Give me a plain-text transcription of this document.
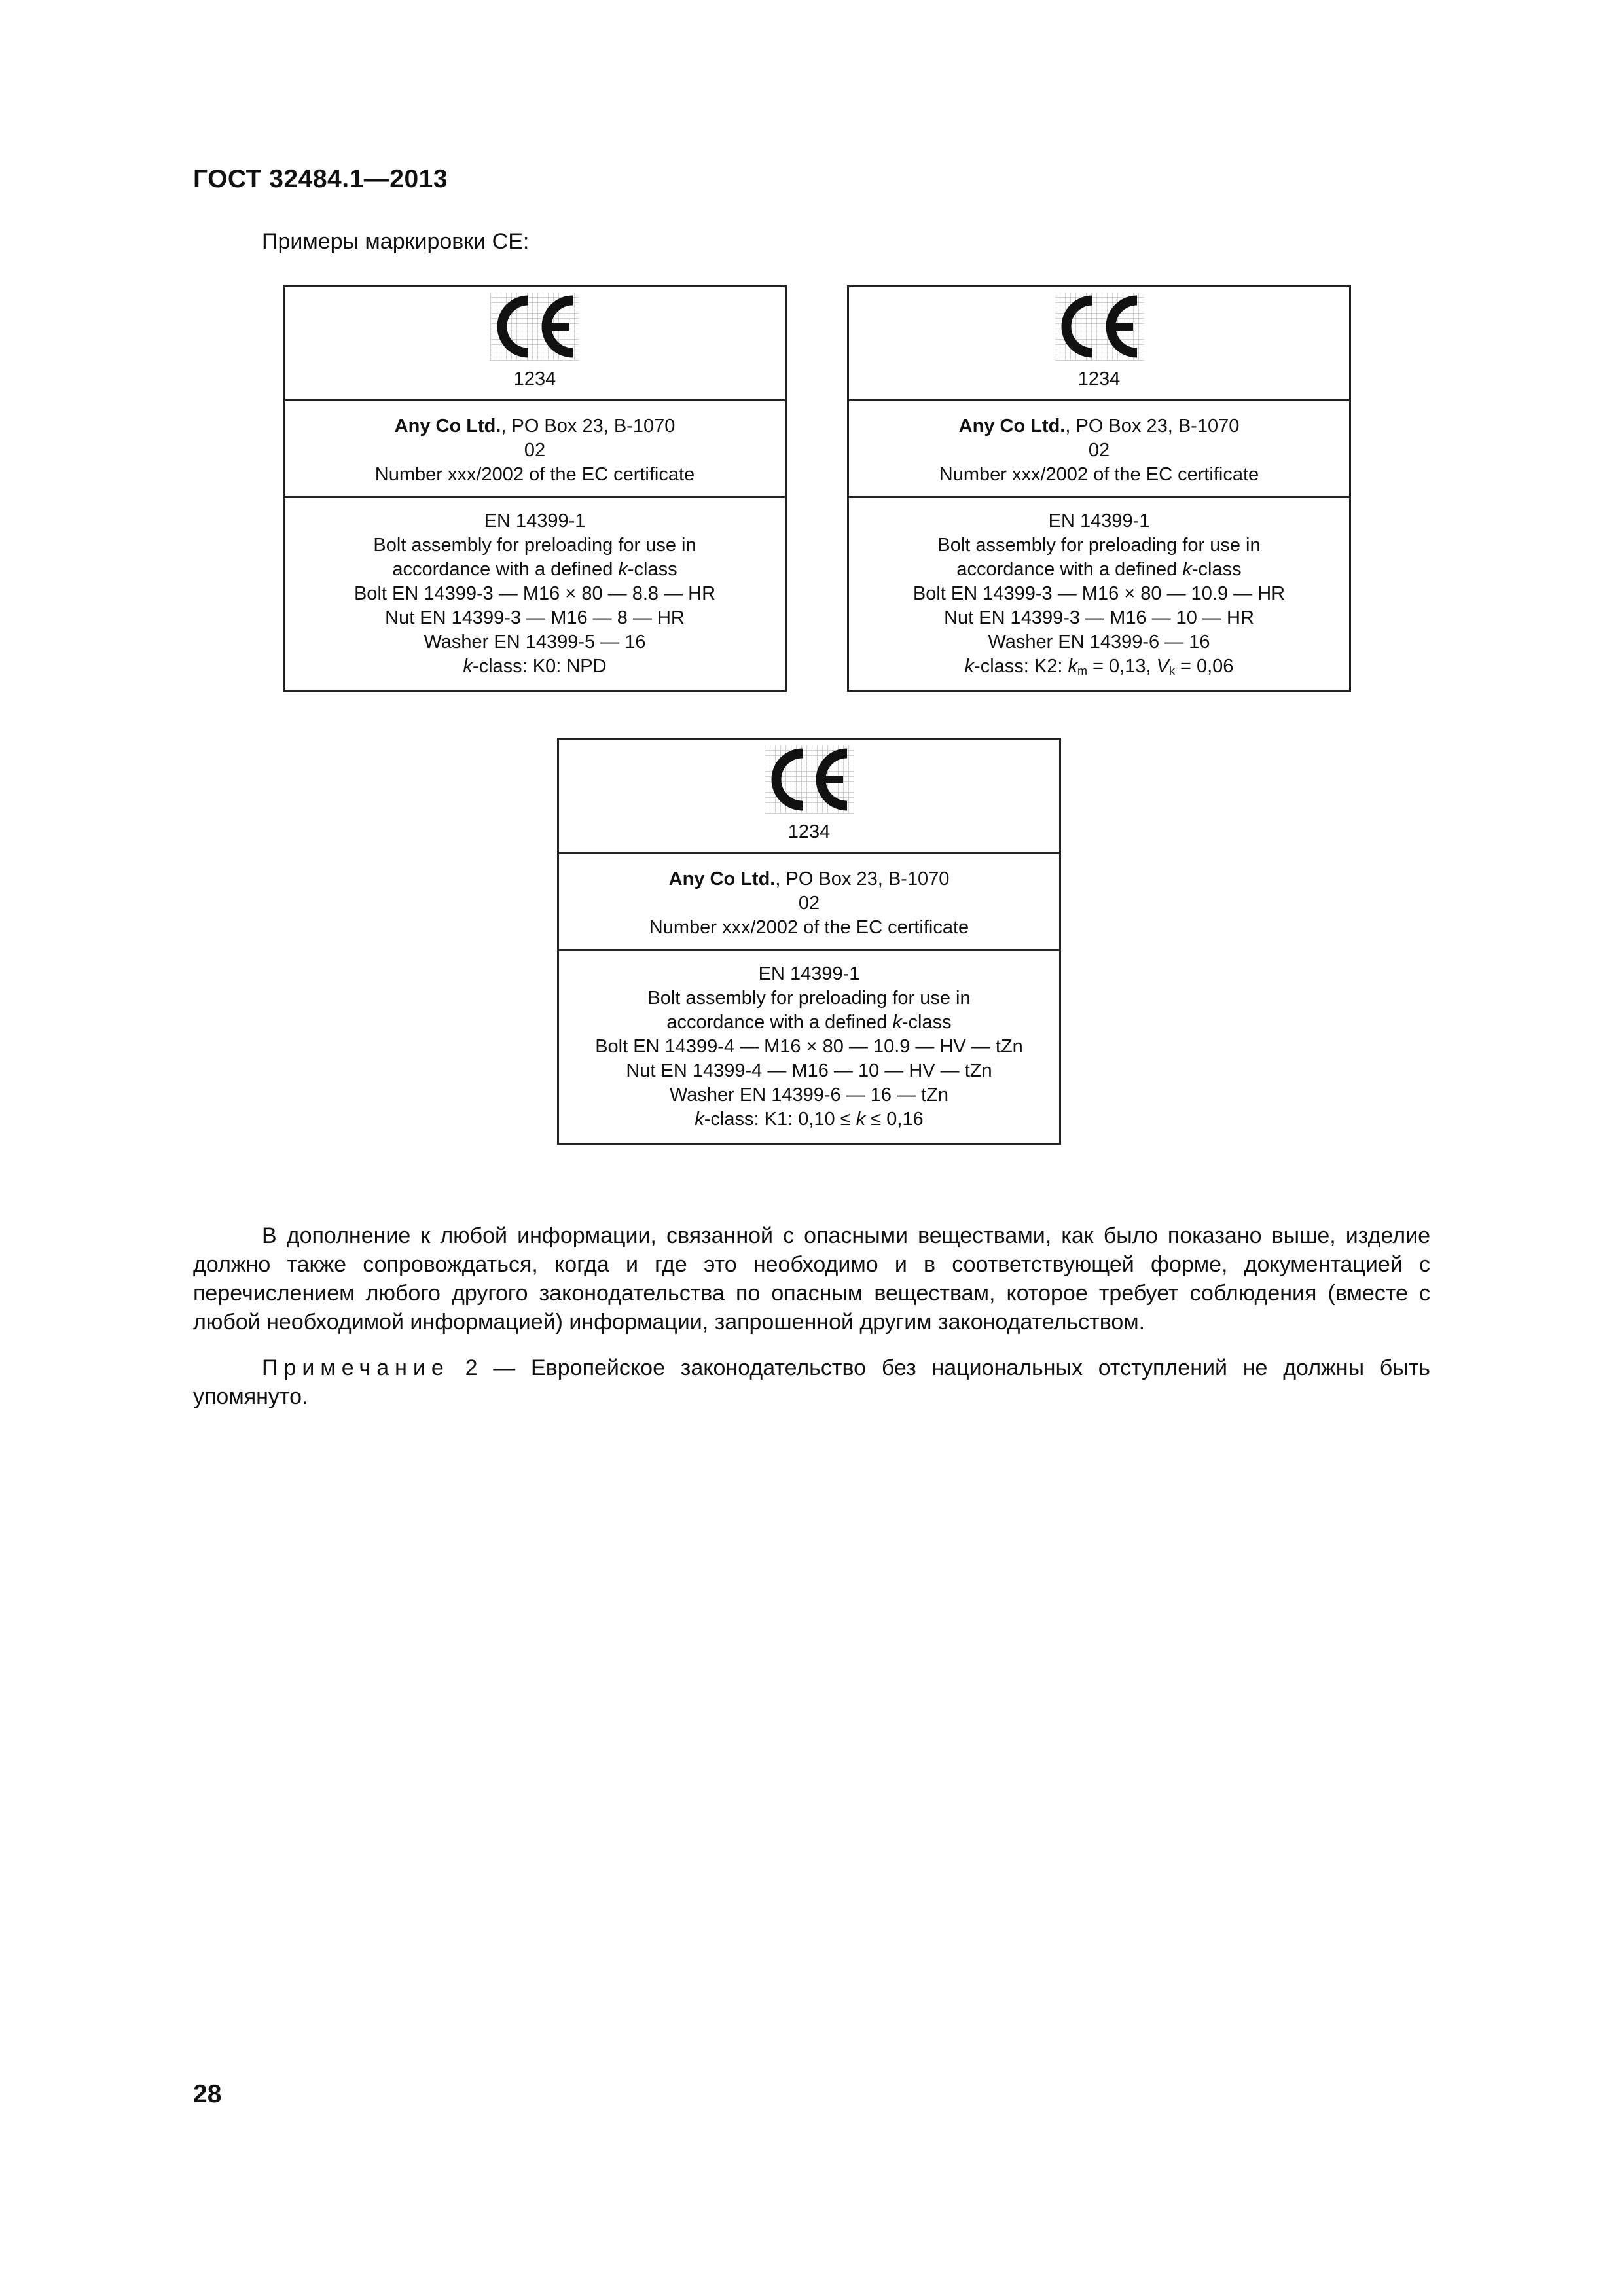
ГОСТ 32484.1—2013
Примеры маркировки CE:
1234
Any Co Ltd., PO Box 23, B-1070
02
Number xxx/2002 of the EC certificate
EN 14399-1
Bolt assembly for preloading for use in
accordance with a defined k-class
Bolt EN 14399-3 — M16 × 80 — 8.8 — HR
Nut EN 14399-3 — M16 — 8 — HR
Washer EN 14399-5 — 16
k-class: K0: NPD
1234
Any Co Ltd., PO Box 23, B-1070
02
Number xxx/2002 of the EC certificate
EN 14399-1
Bolt assembly for preloading for use in
accordance with a defined k-class
Bolt EN 14399-3 — M16 × 80 — 10.9 — HR
Nut EN 14399-3 — M16 — 10 — HR
Washer EN 14399-6 — 16
k-class: K2: $k_m = 0,13$, $V_k = 0,06$
1234
Any Co Ltd., PO Box 23, B-1070
02
Number xxx/2002 of the EC certificate
EN 14399-1
Bolt assembly for preloading for use in
accordance with a defined k-class
Bolt EN 14399-4 — M16 × 80 — 10.9 — HV — tZn
Nut EN 14399-4 — M16 — 10 — HV — tZn
Washer EN 14399-6 — 16 — tZn
k-class: K1: 0,10 ≤ k ≤ 0,16
В дополнение к любой информации, связанной с опасными веществами, как было показано выше, изделие должно также сопровождаться, когда и где это необходимо и в соответствующей форме, документацией с перечислением любого другого законодательства по опасным веществам, которое требует соблюдения (вместе с любой необходимой информацией) информации, запрошенной другим законодательством.
Примечание 2 — Европейское законодательство без национальных отступлений не должны быть упомянуто.
28
